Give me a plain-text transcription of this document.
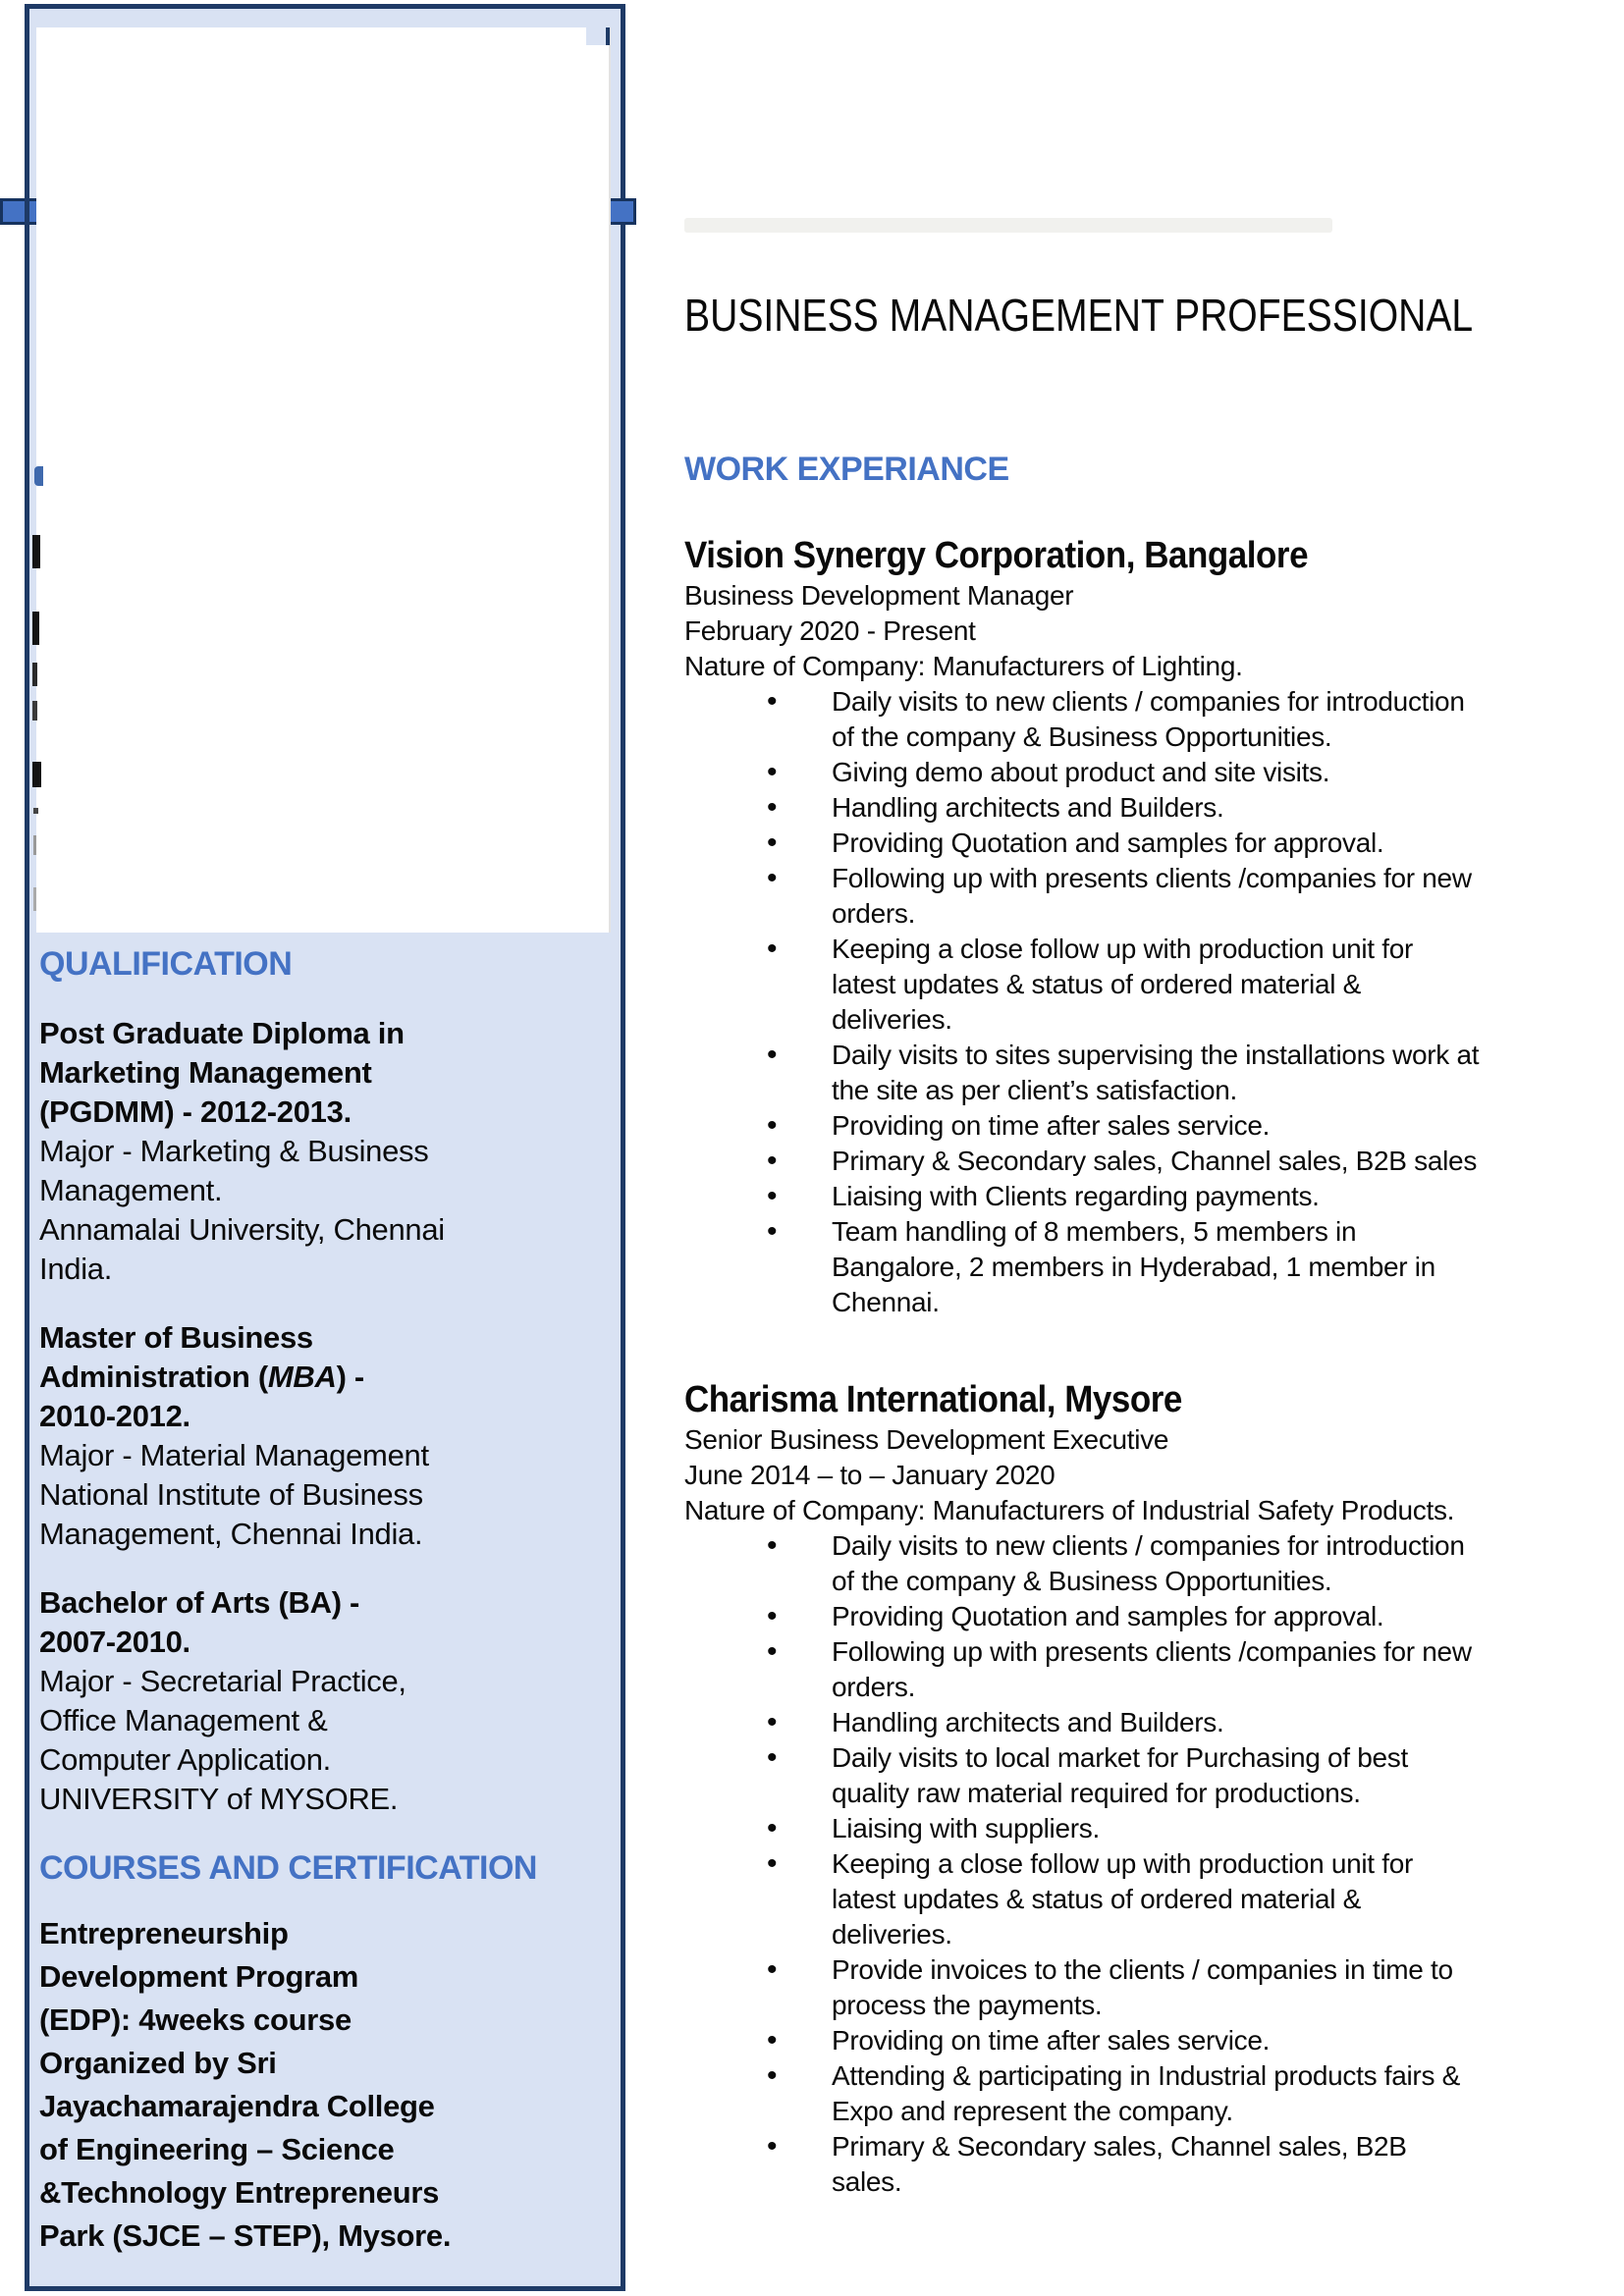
QUALIFICATION
Post Graduate Diploma in
Marketing Management
(PGDMM) - 2012-2013.
Major - Marketing & Business
Management.
Annamalai University, Chennai
India.
Master of Business
Administration (MBA) -
2010-2012.
Major - Material Management
National Institute of Business
Management, Chennai India.
Bachelor of Arts (BA) -
2007-2010.
Major - Secretarial Practice,
Office Management &
Computer Application.
UNIVERSITY of MYSORE.
COURSES AND CERTIFICATION
Entrepreneurship
Development Program
(EDP): 4weeks course
Organized by Sri
Jayachamarajendra College
of Engineering – Science
&Technology Entrepreneurs
Park (SJCE – STEP), Mysore.
BUSINESS MANAGEMENT PROFESSIONAL
WORK EXPERIANCE
Vision Synergy Corporation, Bangalore
Business Development Manager
February 2020 - Present
Nature of Company: Manufacturers of Lighting.
• Daily visits to new clients / companies for introduction of the company & Business Opportunities.
• Giving demo about product and site visits.
• Handling architects and Builders.
• Providing Quotation and samples for approval.
• Following up with presents clients /companies for new orders.
• Keeping a close follow up with production unit for latest updates & status of ordered material & deliveries.
• Daily visits to sites supervising the installations work at the site as per client’s satisfaction.
• Providing on time after sales service.
• Primary & Secondary sales, Channel sales, B2B sales
• Liaising with Clients regarding payments.
• Team handling of 8 members, 5 members in Bangalore, 2 members in Hyderabad, 1 member in Chennai.
Charisma International, Mysore
Senior Business Development Executive
June 2014 – to – January 2020
Nature of Company: Manufacturers of Industrial Safety Products.
• Daily visits to new clients / companies for introduction of the company & Business Opportunities.
• Providing Quotation and samples for approval.
• Following up with presents clients /companies for new orders.
• Handling architects and Builders.
• Daily visits to local market for Purchasing of best quality raw material required for productions.
• Liaising with suppliers.
• Keeping a close follow up with production unit for latest updates & status of ordered material & deliveries.
• Provide invoices to the clients / companies in time to process the payments.
• Providing on time after sales service.
• Attending & participating in Industrial products fairs & Expo and represent the company.
• Primary & Secondary sales, Channel sales, B2B sales.
